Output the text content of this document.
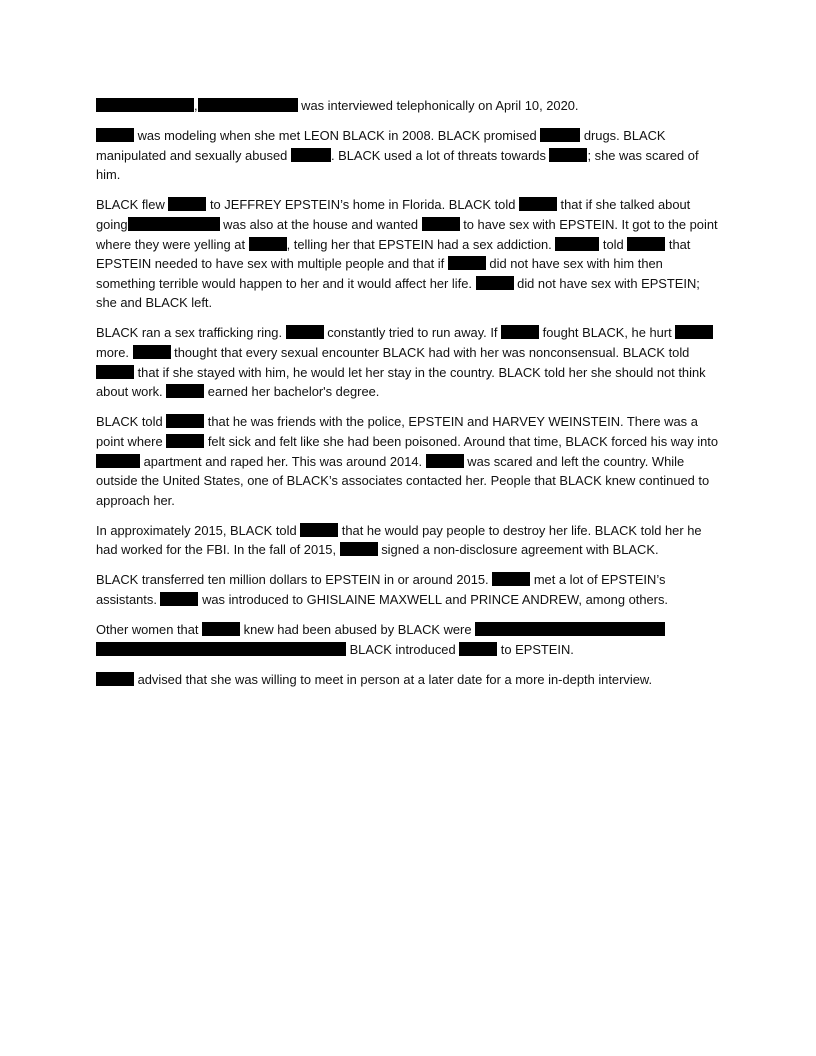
,	was interviewed telephonically on April 10, 2020.

was modeling when she met LEON BLACK in 2008. BLACK promised	drugs. BLACK manipulated and sexually abused	. BLACK used a lot of threats towards	; she was scared of him.

BLACK flew	to JEFFREY EPSTEIN’s home in Florida. BLACK told	that if she talked about going	was also at the house and wanted	to have sex with EPSTEIN. It got to the point where they were yelling at	, telling her that EPSTEIN had a sex addiction.	told	that EPSTEIN needed to have sex with multiple people and that if	did not have sex with him then something terrible would happen to her and it would affect her life.	did not have sex with EPSTEIN; she and BLACK left.

BLACK ran a sex trafficking ring.	constantly tried to run away. If	fought BLACK, he hurt  more.	thought that every sexual encounter BLACK had with her was nonconsensual. BLACK told  that if she stayed with him, he would let her stay in the country. BLACK told her she should not think about work.	earned her bachelor's degree.

BLACK told	that he was friends with the police, EPSTEIN and HARVEY WEINSTEIN. There was a point where	felt sick and felt like she had been poisoned. Around that time, BLACK forced his way into  apartment and raped her. This was around 2014.	was scared and left the country. While outside the United States, one of BLACK’s associates contacted her. People that BLACK knew continued to approach her.

In approximately 2015, BLACK told	that he would pay people to destroy her life. BLACK told her he had worked for the FBI. In the fall of 2015,	signed a non-disclosure agreement with BLACK.

BLACK transferred ten million dollars to EPSTEIN in or around 2015.	met a lot of EPSTEIN’s assistants.	was introduced to GHISLAINE MAXWELL and PRINCE ANDREW, among others.

Other women that	knew had been abused by BLACK were   BLACK introduced	to EPSTEIN.

advised that she was willing to meet in person at a later date for a more in-depth interview.
